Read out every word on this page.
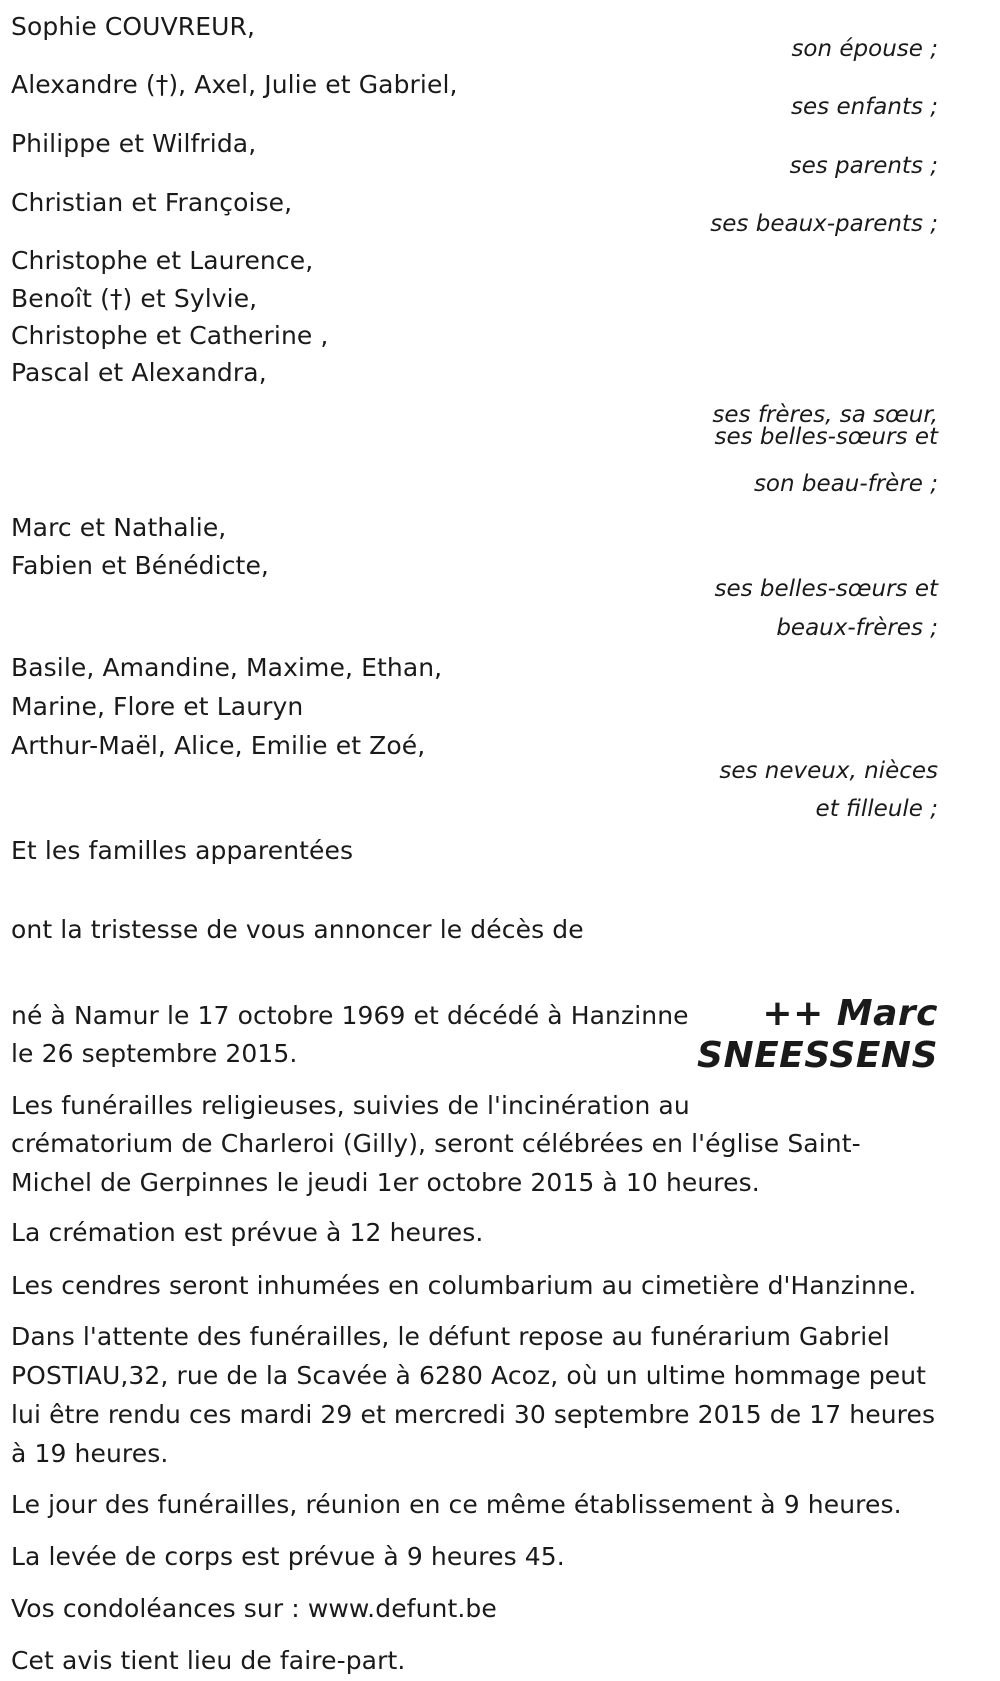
Sophie COUVREUR,
son épouse ;
Alexandre (†), Axel, Julie et Gabriel,
ses enfants ;
Philippe et Wilfrida,
ses parents ;
Christian et Françoise,
ses beaux-parents ;
Christophe et Laurence,
Benoît (†) et Sylvie,
Christophe et Catherine ,
Pascal et Alexandra,
ses frères, sa sœur,
ses belles-sœurs et
son beau-frère ;
Marc et Nathalie,
Fabien et Bénédicte,
ses belles-sœurs et
beaux-frères ;
Basile, Amandine, Maxime, Ethan,
Marine, Flore et Lauryn
Arthur-Maël, Alice, Emilie et Zoé,
ses neveux, nièces
et filleule ;
Et les familles apparentées
ont la tristesse de vous annoncer le décès de
++ Marc
SNEESSENS
né à Namur le 17 octobre 1969 et décédé à Hanzinne
le 26 septembre 2015.
Les funérailles religieuses, suivies de l'incinération au
crématorium de Charleroi (Gilly), seront célébrées en l'église Saint-
Michel de Gerpinnes le jeudi 1er octobre 2015 à 10 heures.
La crémation est prévue à 12 heures.
Les cendres seront inhumées en columbarium au cimetière d'Hanzinne.
Dans l'attente des funérailles, le défunt repose au funérarium Gabriel
POSTIAU,32, rue de la Scavée à 6280 Acoz, où un ultime hommage peut
lui être rendu ces mardi 29 et mercredi 30 septembre 2015 de 17 heures
à 19 heures.
Le jour des funérailles, réunion en ce même établissement à 9 heures.
La levée de corps est prévue à 9 heures 45.
Vos condoléances sur : www.defunt.be
Cet avis tient lieu de faire-part.
